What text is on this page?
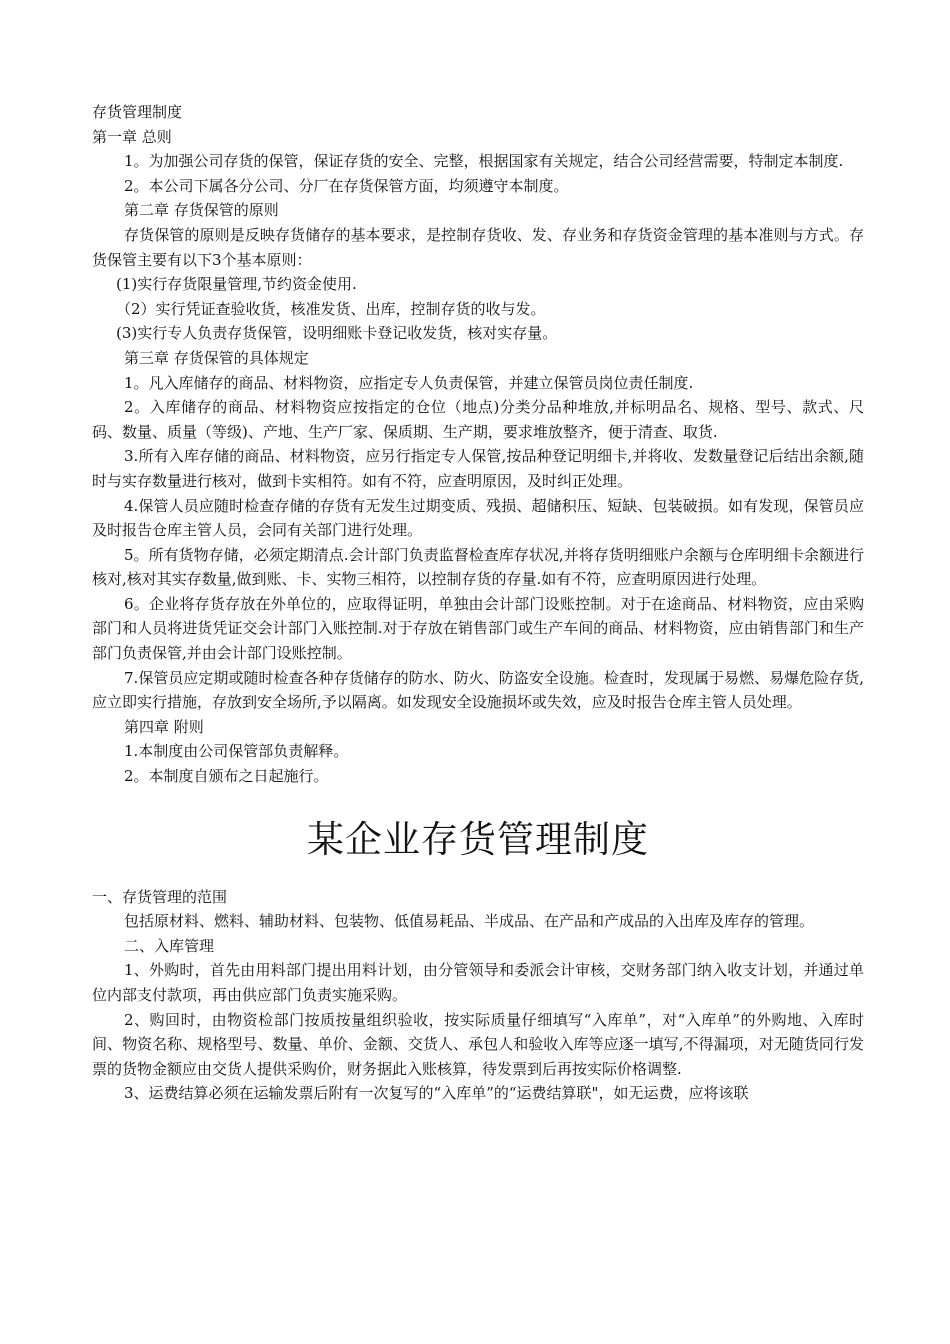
存货管理制度

第一章 总则

1。为加强公司存货的保管，保证存货的安全、完整，根据国家有关规定，结合公司经营需要，特制定本制度.

2。本公司下属各分公司、分厂在存货保管方面，均须遵守本制度。

第二章 存货保管的原则

存货保管的原则是反映存货储存的基本要求，是控制存货收、发、存业务和存货资金管理的基本准则与方式。存货保管主要有以下3个基本原则：

(1)实行存货限量管理,节约资金使用.

（2）实行凭证查验收货，核准发货、出库，控制存货的收与发。

(3)实行专人负责存货保管，设明细账卡登记收发货，核对实存量。

第三章 存货保管的具体规定

1。凡入库储存的商品、材料物资，应指定专人负责保管，并建立保管员岗位责任制度.

2。入库储存的商品、材料物资应按指定的仓位（地点)分类分品种堆放,并标明品名、规格、型号、款式、尺码、数量、质量（等级)、产地、生产厂家、保质期、生产期，要求堆放整齐，便于清查、取货.

3.所有入库存储的商品、材料物资，应另行指定专人保管,按品种登记明细卡,并将收、发数量登记后结出余额,随时与实存数量进行核对，做到卡实相符。如有不符，应查明原因，及时纠正处理。

4.保管人员应随时检查存储的存货有无发生过期变质、残损、超储积压、短缺、包装破损。如有发现，保管员应及时报告仓库主管人员，会同有关部门进行处理。

5。所有货物存储，必须定期清点.会计部门负责监督检查库存状况,并将存货明细账户余额与仓库明细卡余额进行核对,核对其实存数量,做到账、卡、实物三相符，以控制存货的存量.如有不符，应查明原因进行处理。

6。企业将存货存放在外单位的，应取得证明，单独由会计部门设账控制。对于在途商品、材料物资，应由采购部门和人员将进货凭证交会计部门入账控制.对于存放在销售部门或生产车间的商品、材料物资，应由销售部门和生产部门负责保管,并由会计部门设账控制。

7.保管员应定期或随时检查各种存货储存的防水、防火、防盗安全设施。检查时，发现属于易燃、易爆危险存货,应立即实行措施，存放到安全场所,予以隔离。如发现安全设施损坏或失效，应及时报告仓库主管人员处理。

第四章 附则

1.本制度由公司保管部负责解释。

2。本制度自颁布之日起施行。

某企业存货管理制度

一、存货管理的范围

包括原材料、燃料、辅助材料、包装物、低值易耗品、半成品、在产品和产成品的入出库及库存的管理。

二、入库管理

1、外购时，首先由用料部门提出用料计划，由分管领导和委派会计审核，交财务部门纳入收支计划，并通过单位内部支付款项，再由供应部门负责实施采购。

2、购回时，由物资检部门按质按量组织验收，按实际质量仔细填写“入库单”，对“入库单”的外购地、入库时间、物资名称、规格型号、数量、单价、金额、交货人、承包人和验收入库等应逐一填写,不得漏项，对无随货同行发票的货物金额应由交货人提供采购价，财务据此入账核算，待发票到后再按实际价格调整.

3、运费结算必须在运输发票后附有一次复写的“入库单”的“运费结算联"，如无运费，应将该联
